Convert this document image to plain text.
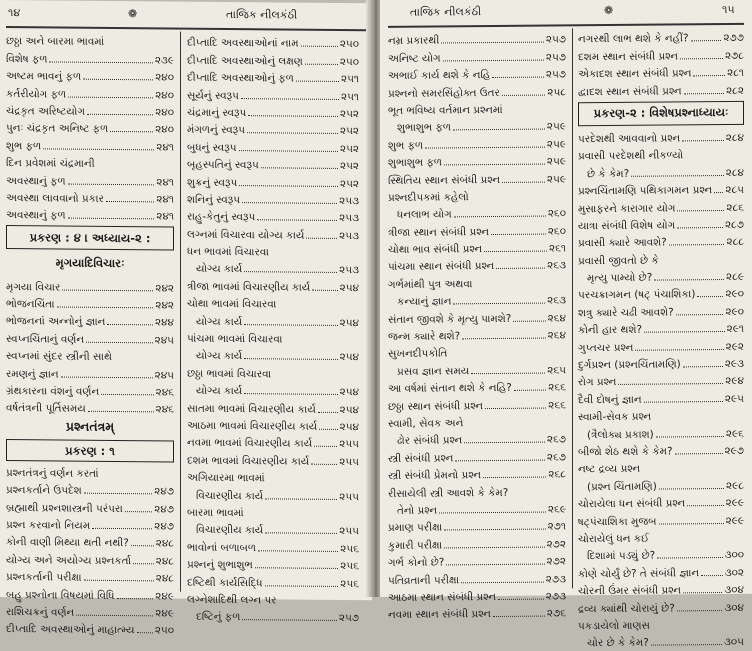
૧૪	❁	તાજિક નીલકંઠી
છઠ્ઠા અને બારમા ભાવમાં
વિશેષ ફળ	૨૩૯
અષ્ટમ ભાવનું ફળ	૨૪૦
કર્તરીયોગ ફળ	૨૪૦
ચંદ્રકૃત અરિષ્ટયોગ	૨૪૦
પુનઃ ચંદ્રકૃત અનિષ્ટ ફળ	૨૪૦
શુભ ફળ	૨૪૧
દિન પ્રવેશમાં ચંદ્રમાની
અવસ્થાનું ફળ	૨૪૧
અવસ્થા લાવવાનો પ્રકાર	૨૪૧
અવસ્થાનું ફળ	૨૪૧
પ્રકરણ : ૪ । અધ્યાય-૨ :
મૃગયાદિવિચારઃ
મૃગયા વિચાર	૨૪૨
ભોજનચિંતા	૨૪૨
ભોજનનાં અન્નોનું જ્ઞાન	૨૪૪
સ્વપ્નચિંતાનું વર્ણન	૨૪૫
સ્વપ્નમાં સુંદર સ્ત્રીની સાથે
રમણનું જ્ઞાન	૨૪૫
ગ્રંથકારના વંશનું વર્ણન	૨૪૬
વર્ષતંત્રની પૂર્તિસમય	૨૪૬
પ્રશ્નતંત્રમ્
પ્રકરણ : ૧
પ્રશ્નતંત્રનું વર્ણન કરતાં
પ્રશ્નકર્તાને ઉપદેશ	૨૪૭
બ્રહ્માથી પ્રશ્નશાસ્ત્રની પરંપરા	૨૪૭
પ્રશ્ન કરવાનો નિયમ	૨૪૭
કોની વાણી મિથ્યા થતી નથી?	૨૪૮
યોગ્ય અને અયોગ્ય પ્રશ્નકર્તા ૨૪૮
પ્રશ્નકર્તાની પરીક્ષા	૨૪૮
બહુ પ્રશ્નોના વિષયમાં વિધિ	૨૪૯
રાશિચક્રનું વર્ણન	૨૪૯
દીપ્તાદિ અવસ્થાઓનું માહાત્મ્ય ૨૫૦
દીપ્તાદિ અવસ્થાઓનાં નામ	૨૫૦
દીપ્તાદિ અવસ્થાઓનું લક્ષણ	૨૫૦
દીપ્તાદિ અવસ્થાઓનું ફળ	૨૫૧
સૂર્યનું સ્વરૂપ	૨૫૧
ચંદ્રમાનું સ્વરૂપ	૨૫૨
મંગળનું સ્વરૂપ	૨૫૨
બુધનું સ્વરૂપ	૨૫૨
બૃહસ્પતિનું સ્વરૂપ	૨૫૨
શુક્રનું સ્વરૂપ	૨૫૨
શનિનું સ્વરૂપ	૨૫૩
રાહુ-કેતુનું સ્વરૂપ	૨૫૩
લગ્નમાં વિચારવા યોગ્ય કાર્ય	૨૫૩
ધન ભાવમાં વિચારવા
યોગ્ય કાર્ય	૨૫૩
ત્રીજા ભાવમાં વિચારણીય કાર્ય	૨૫૪
ચોથા ભાવમાં વિચારવા
યોગ્ય કાર્ય	૨૫૪
પાંચમા ભાવમાં વિચારવા
યોગ્ય કાર્ય	૨૫૪
છઠ્ઠા ભાવમાં વિચારવા
યોગ્ય કાર્ય	૨૫૪
સાતમા ભાવમાં વિચારણીય કાર્ય ૨૫૪
આઠમા ભાવમાં વિચારણીય કાર્ય ૨૫૪
નવમા ભાવમાં વિચારણીય કાર્ય	૨૫૫
દશમ ભાવમાં વિચારણીય કાર્ય	૨૫૫
અગિયારમા ભાવમાં
વિચારણીય કાર્ય	૨૫૫
બારમા ભાવમાં
વિચારણીય કાર્ય	૨૫૫
ભાવોનાં બળાબળ	૨૫૬
પ્રશ્નનું શુભાશુભ	૨૫૬
દષ્ટિથી કાર્યસિદ્ધિ	૨૫૬
લગ્નેશાદિથી લગ્ન પર
દષ્ટિનું ફળ	૨૫૭
તાજિક નીલકંઠી	❁	૧૫
નમ્ર પ્રકારથી	૨૫૭
અનિષ્ટ યોગ	૨૫૭
અભાઈ કાર્ય થશે કે નહિ	૨૫૭
પ્રશ્નનો સમરસિંહોક્ત ઉતર	૨૫૮
ભૂત ભવિષ્ય વર્તમાન પ્રશ્નમાં
શુભાશુભ ફળ	૨૫૯
શુભ ફળ	૨૫૯
શુભાશુભ ફળ	૨૫૯
સ્થિતિય સ્થાન સંબંધી પ્રશ્ન	૨૫૯
પ્રશ્નદીપકમાં કહેલો
ધનલાભ યોગ	૨૬૦
ત્રીજા સ્થાન સંબંધી પ્રશ્ન	૨૬૦
ચોથા ભાવ સંબંધી પ્રશ્ન	૨૬૧
પાંચમા સ્થાન સંબંધી પ્રશ્ન	૨૬૩
ગર્ભમાંથી પુત્ર અથવા
કન્યાનું જ્ઞાન	૨૬૩
સંતાન જીવશે કે મૃત્યુ પામશે?	૨૬૪
જન્મ ક્યારે થશે?	૨૬૪
સુખનદીપકોતિ
પ્રસવ જ્ઞાન સમય	૨૬૫
આ વર્ષમાં સંતાન થશે કે નહિ?	૨૬૬
છઠ્ઠા સ્થાન સંબંધી પ્રશ્ન	૨૬૬
સ્વામી, સેવક અને
ઢોર સંબંધી પ્રશ્ન	૨૬૭
સ્ત્રી સંબંધી પ્રશ્ન	૨૬૭
સ્ત્રી સંબંધી પ્રેમનો પ્રશ્ન	૨૬૮
રીસાયેલી સ્ત્રી આવશે કે કેમ?
તેનો પ્રશ્ન	૨૬૯
પ્રમાણ પરીક્ષા	૨૭૧
કુમારી પરીક્ષા	૨૭૨
ગર્ભ કોનો છે?	૨૭૨
પતિવ્રતાની પરીક્ષા	૨૭૩
આઠમા સ્થાન સંબંધી પ્રશ્ન	૨૭૩
નવમા સ્થાન સંબંધી પ્રશ્ન	૨૭૬
નગરથી લાભ થશે કે નહીં?	૨૭૭
દશમ સ્થાન સંબંધી પ્રશ્ન	૨૭૮
એકાદશ સ્થાન સંબંધી પ્રશ્ન	૨૮૧
દ્વાદશ સ્થાન સંબંધી પ્રશ્ન	૨૮૨
પ્રકરણ-૨ : વિશેષપ્રશ્નાધ્યાયઃ
પરદેશથી આવવાનો પ્રશ્ન	૨૮૪
પ્રવાસી પરદેશથી નીકળ્યો
છે કે કેમ?	૨૮૪
પ્રશ્નચિંતામણિ પથિકાગમન પ્રશ્ન ૨૮૫
મુસાફરને કારાગાર યોગ	૨૮૬
યાત્રા સંબંધી વિશેષ યોગ	૨૮૭
પ્રવાસી ક્યારે આવશે?	૨૮૮
પ્રવાસી જીવતો છે કે
મૃત્યુ પામ્યો છે?	૨૮૯
પરચક્રાગમન (ષટ્ પંચાશિકા)	૨૯૦
શત્રુ ક્યારે ચઢી આવશે?	૨૯૦
કોની હાર થશે?	૨૯૧
ગુપ્તચર પ્રશ્ન	૨૯૨
દુર્ગપ્રશ્ન (પ્રશ્નચિંતામણિ)	૨૯૩
રોગ પ્રશ્ન	૨૯૪
દૈવી દોષનું જ્ઞાન	૨૯૫
સ્વામી-સેવક પ્રશ્ન
(ત્રૈલોક્ય પ્રકાશ)	૨૯૬
બીજો શેઠ થશે કે કેમ?	૨૯૭
નષ્ટ દ્રવ્ય પ્રશ્ન
(પ્રશ્ન ચિંતામણિ)	૨૯૮
ચોરાયેલા ધન સંબંધી પ્રશ્ન	૨૯૯
ષટ્પંચાશિકા મુજબ	૨૯૯
ચોરાયેલું ધન કઈ
દિશામાં પડ્યું છે?	૩૦૦
કોણે ચોર્યું છે? તે સંબંધી જ્ઞાન ૩૦૨
ચોરની ઉંમર સંબંધી પ્રશ્ન	૩૦૪
દ્રવ્ય ક્યાંથી ચોરાયું છે?	૩૦૪
પકડાયેલો માણસ
ચોર છે કે કેમ?	૩૦૫
